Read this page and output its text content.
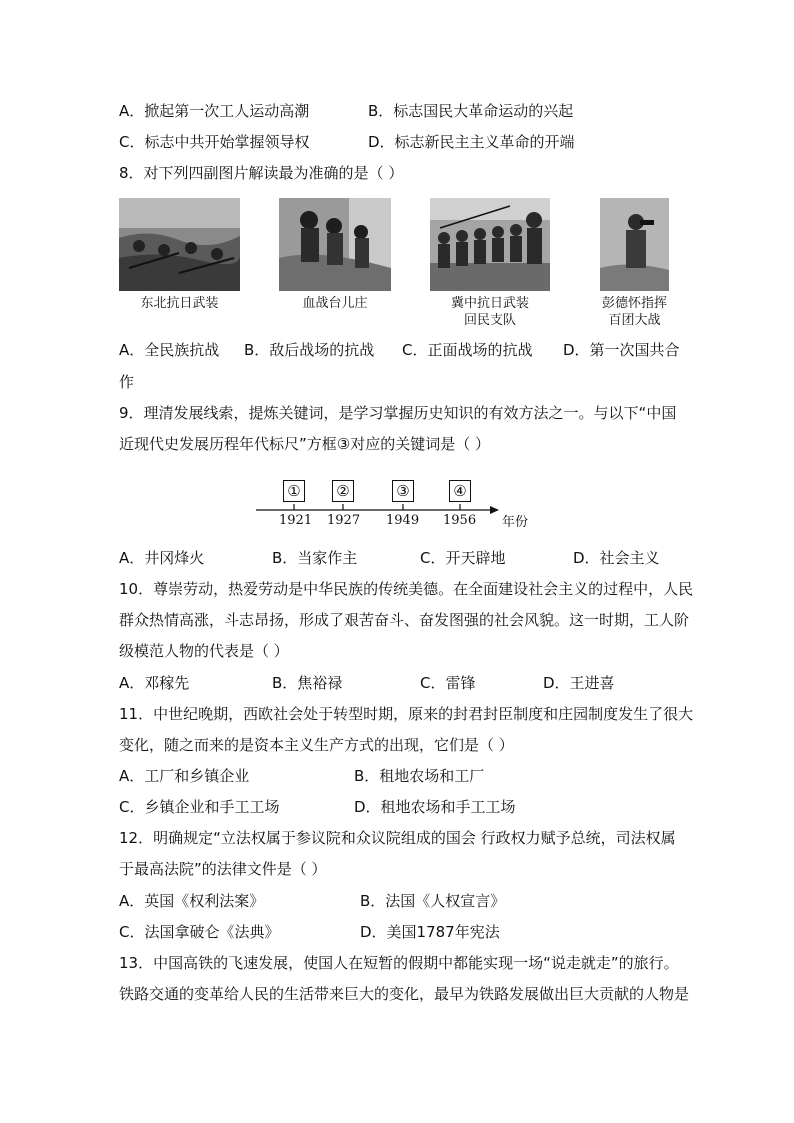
A．掀起第一次工人运动高潮	B．标志国民大革命运动的兴起
C．标志中共开始掌握领导权	D．标志新民主主义革命的开端
8．对下列四副图片解读最为准确的是（ ）
东北抗日武装	血战台儿庄	冀中抗日武装
回民支队
彭德怀指挥
百团大战
A．全民族抗战 B．敌后战场的抗战 C．正面战场的抗战 D．第一次国共合
作
9．理清发展线索，提炼关键词，是学习掌握历史知识的有效方法之一。与以下“中国
近现代史发展历程年代标尺”方框③对应的关键词是（ ）
① ②	③	④
1921 1927 1949 1956 年份
A．井冈烽火	B．当家作主	C．开天辟地	D．社会主义
10．尊崇劳动，热爱劳动是中华民族的传统美德。在全面建设社会主义的过程中，人民
群众热情高涨，斗志昂扬，形成了艰苦奋斗、奋发图强的社会风貌。这一时期，工人阶
级模范人物的代表是（ ）
A．邓稼先	B．焦裕禄	C．雷锋	D．王进喜
11．中世纪晚期，西欧社会处于转型时期，原来的封君封臣制度和庄园制度发生了很大
变化，随之而来的是资本主义生产方式的出现，它们是（ ）
A．工厂和乡镇企业	B．租地农场和工厂
C．乡镇企业和手工工场	D．租地农场和手工工场
12．明确规定“立法权属于参议院和众议院组成的国会 行政权力赋予总统，司法权属
于最高法院”的法律文件是（ ）
A．英国《权利法案》	B．法国《人权宣言》
C．法国拿破仑《法典》	D．美国1787年宪法
13．中国高铁的飞速发展，使国人在短暂的假期中都能实现一场“说走就走”的旅行。
铁路交通的变革给人民的生活带来巨大的变化，最早为铁路发展做出巨大贡献的人物是
